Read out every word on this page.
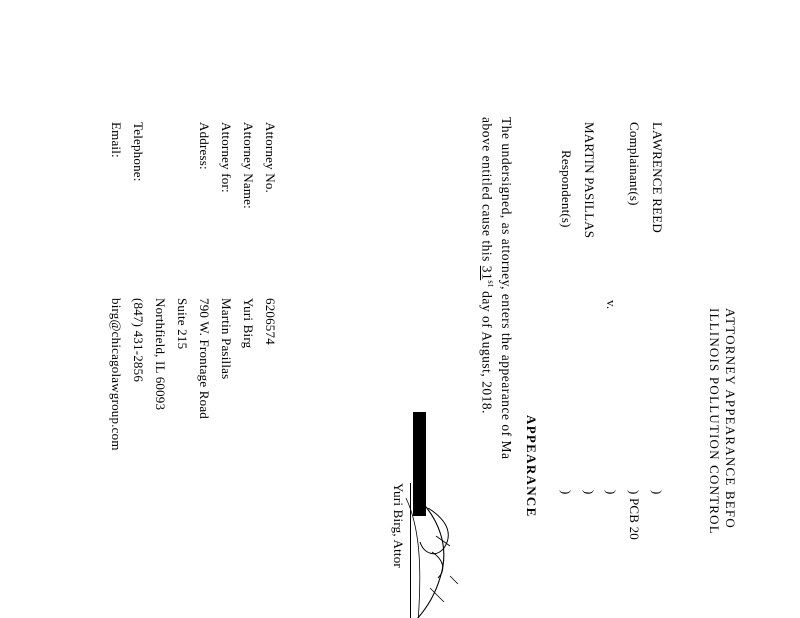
ATTORNEY APPEARANCE BEFO
ILLINOIS POLLUTION CONTROL
LAWRENCE REED
Complainant(s)
v.
MARTIN PASILLAS
Respondent(s)
)
) PCB 20
)
)
)
APPEARANCE
The undersigned, as attorney, enters the appearance of Ma
above entitled cause this 31st day of August, 2018.
Yuri Birg, Attor
Attorney No.
6206574
Attorney Name:
Yuri Birg
Attorney for:
Martin Pasillas
Address:
790 W. Frontage Road
Suite 215
Northfield, IL 60093
Telephone:
(847) 431-2856
Email:
birg@chicagolawgroup.com
